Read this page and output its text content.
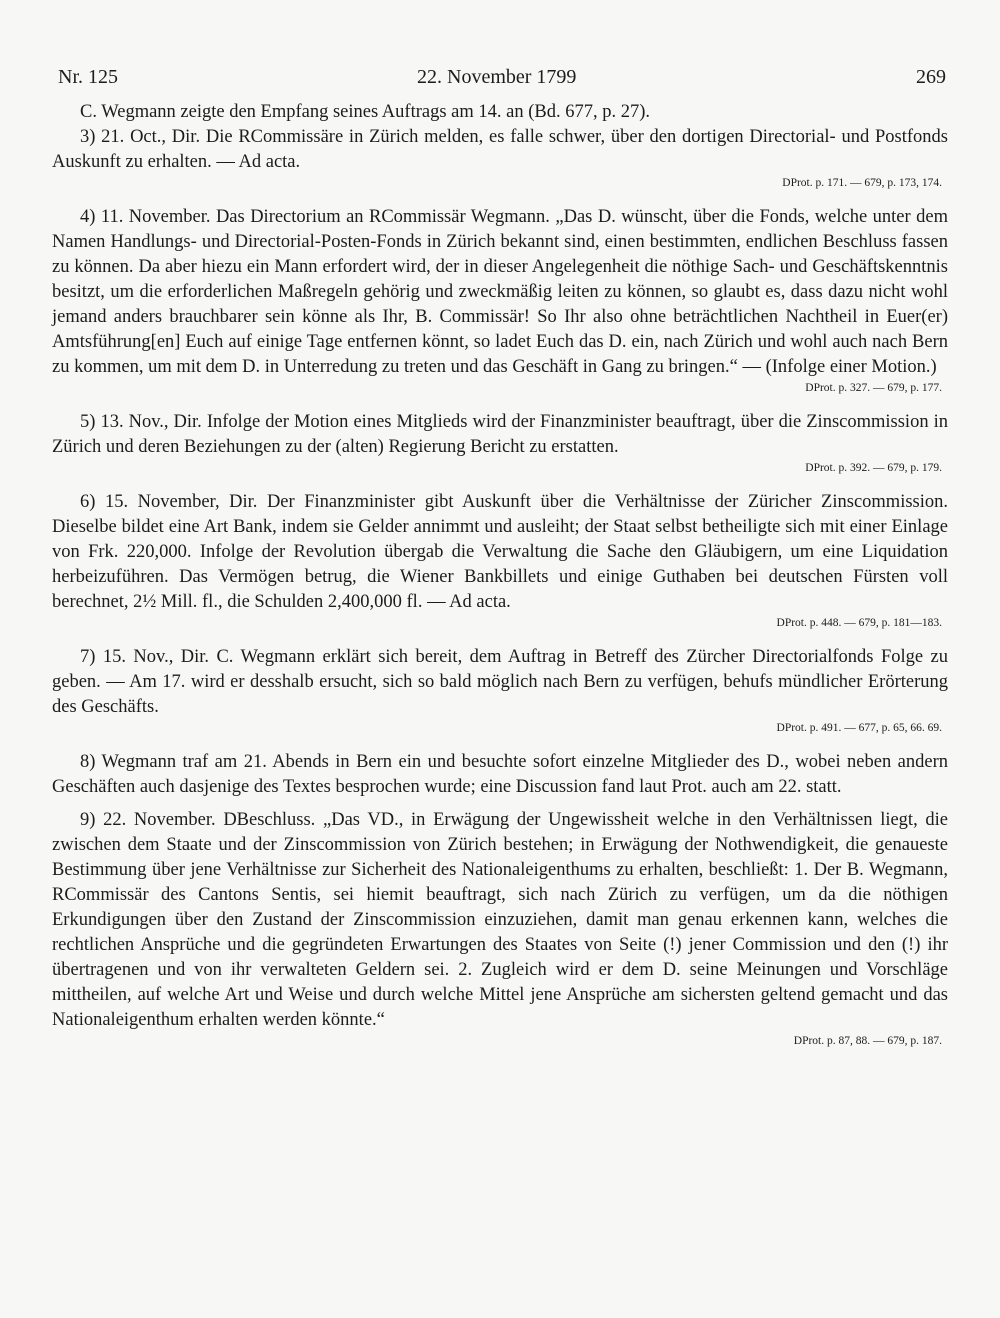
Nr. 125	22. November 1799	269

C. Wegmann zeigte den Empfang seines Auftrags am 14. an (Bd. 677, p. 27).

3) 21. Oct., Dir. Die RCommissäre in Zürich melden, es falle schwer, über den dortigen Directorial- und Postfonds Auskunft zu erhalten. — Ad acta.

DProt. p. 171. — 679, p. 173, 174.

4) 11. November. Das Directorium an RCommissär Wegmann. „Das D. wünscht, über die Fonds, welche unter dem Namen Handlungs- und Directorial-Posten-Fonds in Zürich bekannt sind, einen bestimmten, endlichen Beschluss fassen zu können. Da aber hiezu ein Mann erfordert wird, der in dieser Angelegenheit die nöthige Sach- und Geschäftskenntnis besitzt, um die erforderlichen Maßregeln gehörig und zweckmäßig leiten zu können, so glaubt es, dass dazu nicht wohl jemand anders brauchbarer sein könne als Ihr, B. Commissär! So Ihr also ohne beträchtlichen Nachtheil in Euer(er) Amtsführung[en] Euch auf einige Tage entfernen könnt, so ladet Euch das D. ein, nach Zürich und wohl auch nach Bern zu kommen, um mit dem D. in Unterredung zu treten und das Geschäft in Gang zu bringen.“ — (Infolge einer Motion.)

DProt. p. 327. — 679, p. 177.

5) 13. Nov., Dir. Infolge der Motion eines Mitglieds wird der Finanzminister beauftragt, über die Zinscommission in Zürich und deren Beziehungen zu der (alten) Regierung Bericht zu erstatten.

DProt. p. 392. — 679, p. 179.

6) 15. November, Dir. Der Finanzminister gibt Auskunft über die Verhältnisse der Züricher Zinscommission. Dieselbe bildet eine Art Bank, indem sie Gelder annimmt und ausleiht; der Staat selbst betheiligte sich mit einer Einlage von Frk. 220,000. Infolge der Revolution übergab die Verwaltung die Sache den Gläubigern, um eine Liquidation herbeizuführen. Das Vermögen betrug, die Wiener Bankbillets und einige Guthaben bei deutschen Fürsten voll berechnet, 2½ Mill. fl., die Schulden 2,400,000 fl. — Ad acta.

DProt. p. 448. — 679, p. 181—183.

7) 15. Nov., Dir. C. Wegmann erklärt sich bereit, dem Auftrag in Betreff des Zürcher Directorialfonds Folge zu geben. — Am 17. wird er desshalb ersucht, sich so bald möglich nach Bern zu verfügen, behufs mündlicher Erörterung des Geschäfts.

DProt. p. 491. — 677, p. 65, 66. 69.

8) Wegmann traf am 21. Abends in Bern ein und besuchte sofort einzelne Mitglieder des D., wobei neben andern Geschäften auch dasjenige des Textes besprochen wurde; eine Discussion fand laut Prot. auch am 22. statt.

9) 22. November. DBeschluss. „Das VD., in Erwägung der Ungewissheit welche in den Verhältnissen liegt, die zwischen dem Staate und der Zinscommission von Zürich bestehen; in Erwägung der Nothwendigkeit, die genaueste Bestimmung über jene Verhältnisse zur Sicherheit des Nationaleigenthums zu erhalten, beschließt: 1. Der B. Wegmann, RCommissär des Cantons Sentis, sei hiemit beauftragt, sich nach Zürich zu verfügen, um da die nöthigen Erkundigungen über den Zustand der Zinscommission einzuziehen, damit man genau erkennen kann, welches die rechtlichen Ansprüche und die gegründeten Erwartungen des Staates von Seite (!) jener Commission und den (!) ihr übertragenen und von ihr verwalteten Geldern sei. 2. Zugleich wird er dem D. seine Meinungen und Vorschläge mittheilen, auf welche Art und Weise und durch welche Mittel jene Ansprüche am sichersten geltend gemacht und das Nationaleigenthum erhalten werden könnte.“

DProt. p. 87, 88. — 679, p. 187.
